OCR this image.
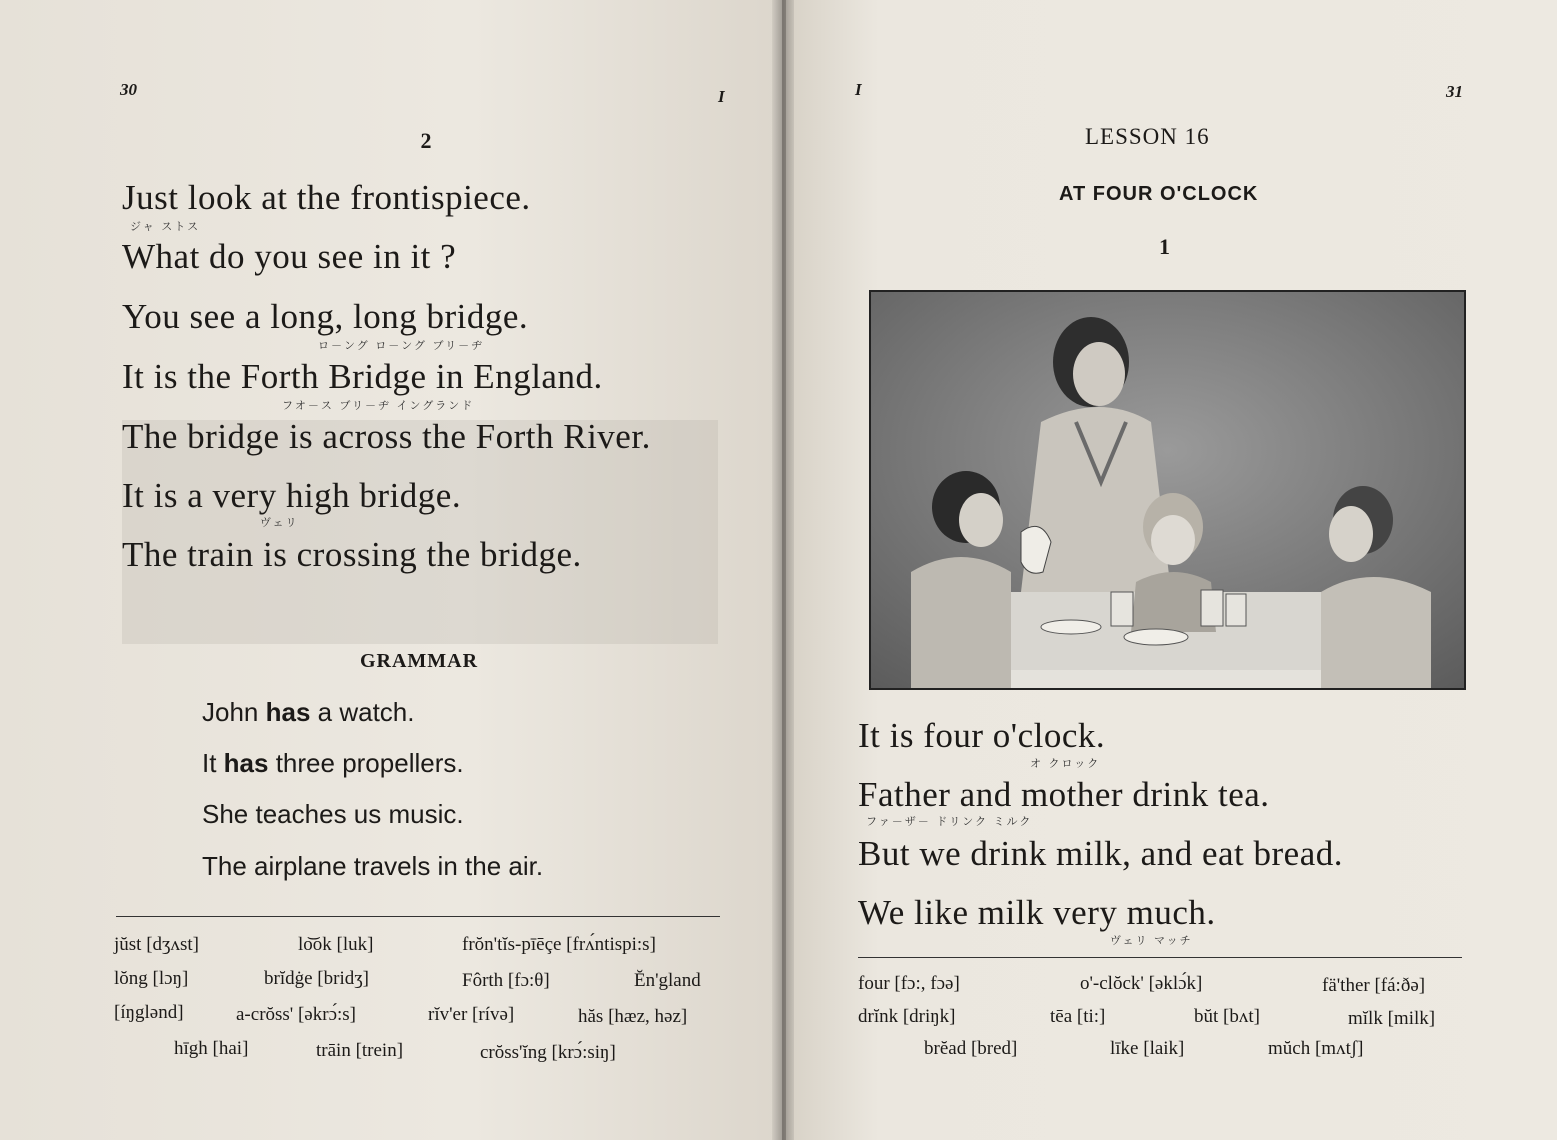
30	I
2
Just look at the frontispiece.
ジャ ストス
What do you see in it ?
You see a long, long bridge.
ロ－ング ロ－ング ブリ－ヂ
It is the Forth Bridge in England.
フオ－ス ブリ－ヂ イングランド
The bridge is across the Forth River.
It is a very high bridge.
ヴェリ
The train is crossing the bridge.
GRAMMAR
John has a watch.
It has three propellers.
She teaches us music.
The airplane travels in the air.
jŭst [dʒʌst]	lo͝ok [luk]	frŏn'tĭs-pīēçe [frʌ́ntispi:s]
lŏng [lɔŋ]	brĭdġe [bridʒ]	Fôrth [fɔ:θ]	Ĕn'gland
[íŋglənd]	a-crŏss' [əkrɔ́:s]	rĭv'er [rívə]	hăs [hæz, həz]
hīgh [hai]	trāin [trein]	crŏss'ĭng [krɔ́:siŋ]
I	31
LESSON 16
AT FOUR O'CLOCK
1
It is four o'clock.
オ クロック
Father and mother drink tea.
ファ－ザ－ ドリンク ミルク
But we drink milk, and eat bread.
We like milk very much.
ヴェリ マッチ
four [fɔ:, fɔə]	o'-clŏck' [əklɔ́k]	fä'ther [fá:ðə]
drĭnk [driŋk]	tēa [ti:]	bŭt [bʌt]	mĭlk [milk]
brĕad [bred]	līke [laik]	mŭch [mʌtʃ]
